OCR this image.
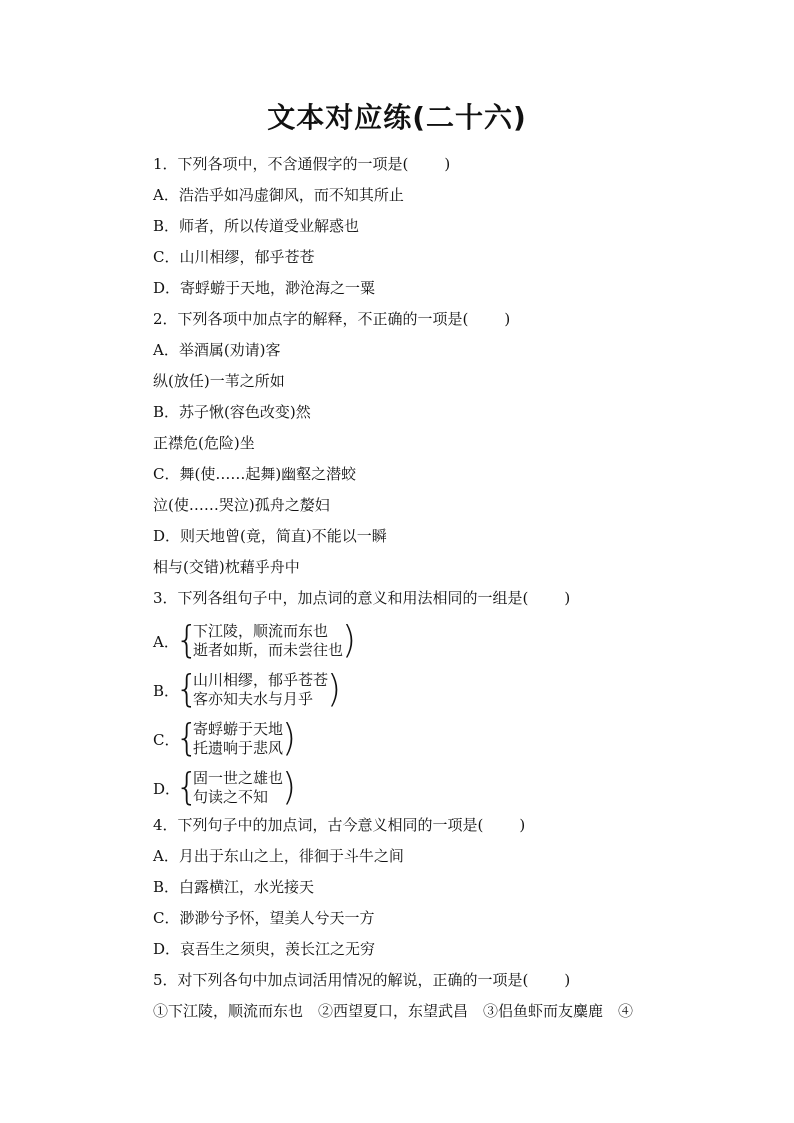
文本对应练(二十六)
1．下列各项中，不含通假字的一项是( )
A．浩浩乎如冯虚御风，而不知其所止
B．师者，所以传道受业解惑也
C．山川相缪，郁乎苍苍
D．寄蜉蝣于天地，渺沧海之一粟
2．下列各项中加点字的解释，不正确的一项是( )
A．举酒属(劝请)客
纵(放任)一苇之所如
B．苏子愀(容色改变)然
正襟危(危险)坐
C．舞(使……起舞)幽壑之潜蛟
泣(使……哭泣)孤舟之嫠妇
D．则天地曾(竟，简直)不能以一瞬
相与(交错)枕藉乎舟中
3．下列各组句子中，加点词的意义和用法相同的一组是( )
A．
{
下江陵，顺流而东也
逝者如斯，而未尝往也
)
B．
{
山川相缪，郁乎苍苍
客亦知夫水与月乎 )
C．
{
寄蜉蝣于天地
托遗响于悲风
)
D．
{
固一世之雄也
句读之不知 )
4．下列句子中的加点词，古今意义相同的一项是( )
A．月出于东山之上，徘徊于斗牛之间
B．白露横江，水光接天
C．渺渺兮予怀，望美人兮天一方
D．哀吾生之须臾，羡长江之无穷
5．对下列各句中加点词活用情况的解说，正确的一项是( )
①下江陵，顺流而东也　②西望夏口，东望武昌　③侣鱼虾而友麋鹿　④
